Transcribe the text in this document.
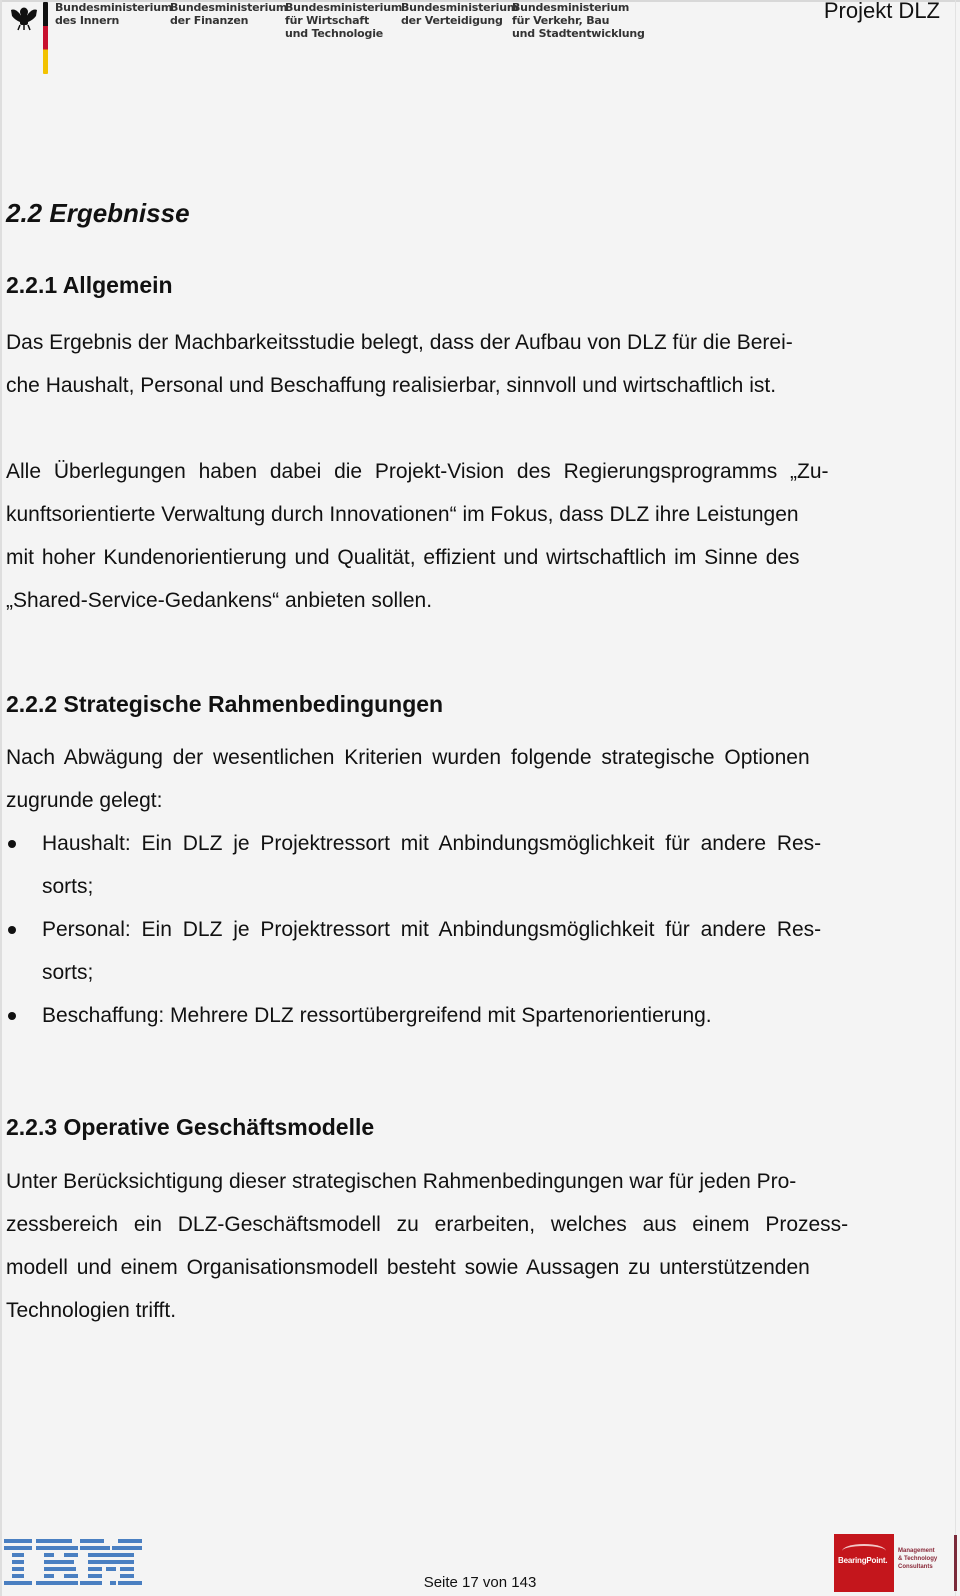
Bundesministerium
des Innern
Bundesministerium
der Finanzen
Bundesministerium
für Wirtschaft
und Technologie
Bundesministerium
der Verteidigung
Bundesministerium
für Verkehr, Bau
und Stadtentwicklung
Projekt DLZ
2.2 Ergebnisse
2.2.1 Allgemein
Das Ergebnis der Machbarkeitsstudie belegt, dass der Aufbau von DLZ für die Berei-
che Haushalt, Personal und Beschaffung realisierbar, sinnvoll und wirtschaftlich ist.
Alle Überlegungen haben dabei die Projekt-Vision des Regierungsprogramms „Zu-
kunftsorientierte Verwaltung durch Innovationen“ im Fokus, dass DLZ ihre Leistungen
mit hoher Kundenorientierung und Qualität, effizient und wirtschaftlich im Sinne des
„Shared-Service-Gedankens“ anbieten sollen.
2.2.2 Strategische Rahmenbedingungen
Nach Abwägung der wesentlichen Kriterien wurden folgende strategische Optionen
zugrunde gelegt:
Haushalt: Ein DLZ je Projektressort mit Anbindungsmöglichkeit für andere Res-
sorts;
Personal: Ein DLZ je Projektressort mit Anbindungsmöglichkeit für andere Res-
sorts;
Beschaffung: Mehrere DLZ ressortübergreifend mit Spartenorientierung.
2.2.3 Operative Geschäftsmodelle
Unter Berücksichtigung dieser strategischen Rahmenbedingungen war für jeden Pro-
zessbereich ein DLZ-Geschäftsmodell zu erarbeiten, welches aus einem Prozess-
modell und einem Organisationsmodell besteht sowie Aussagen zu unterstützenden
Technologien trifft.
Seite 17 von 143
BearingPoint.
Management
& Technology
Consultants
